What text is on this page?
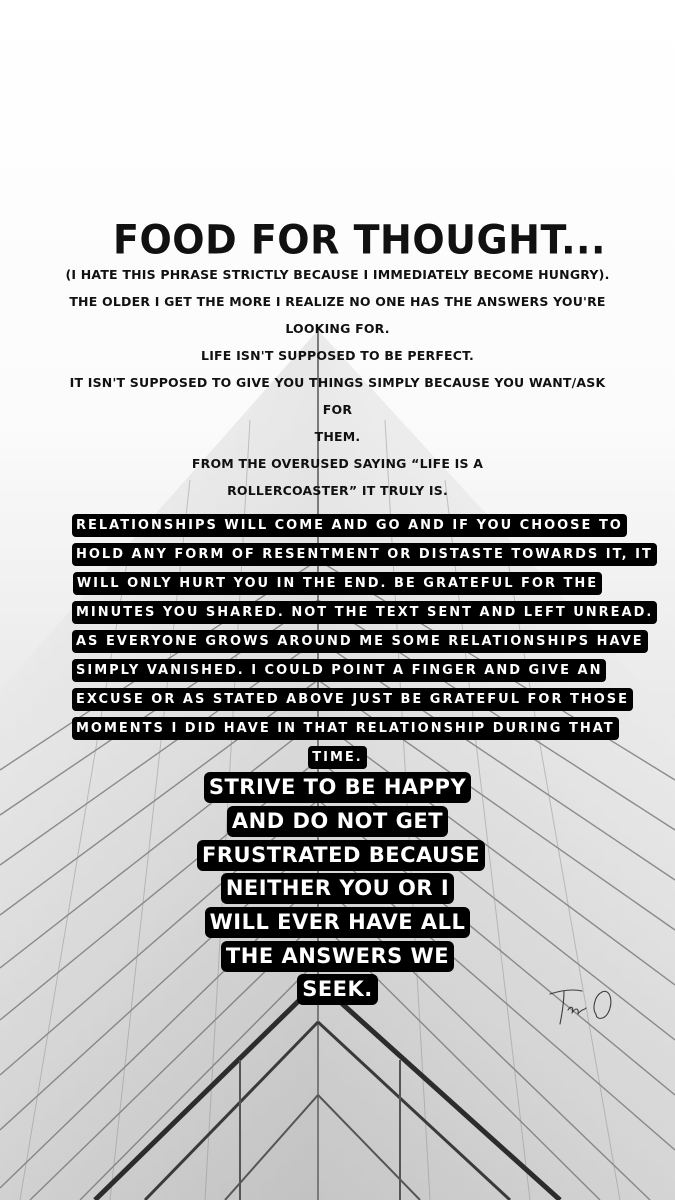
FOOD FOR THOUGHT...

(I HATE THIS PHRASE STRICTLY BECAUSE I IMMEDIATELY BECOME HUNGRY).

THE OLDER I GET THE MORE I REALIZE NO ONE HAS THE ANSWERS YOU'RE

LOOKING FOR.

LIFE ISN'T SUPPOSED TO BE PERFECT.

IT ISN'T SUPPOSED TO GIVE YOU THINGS SIMPLY BECAUSE YOU WANT/ASK FOR

THEM.

FROM THE OVERUSED SAYING “LIFE IS A

ROLLERCOASTER” IT TRULY IS.

RELATIONSHIPS WILL COME AND GO AND IF YOU CHOOSE TO
HOLD ANY FORM OF RESENTMENT OR DISTASTE TOWARDS IT, IT
WILL ONLY HURT YOU IN THE END. BE GRATEFUL FOR THE
MINUTES YOU SHARED. NOT THE TEXT SENT AND LEFT UNREAD.
AS EVERYONE GROWS AROUND ME SOME RELATIONSHIPS HAVE
SIMPLY VANISHED. I COULD POINT A FINGER AND GIVE AN
EXCUSE OR AS STATED ABOVE JUST BE GRATEFUL FOR THOSE
MOMENTS I DID HAVE IN THAT RELATIONSHIP DURING THAT
TIME.
STRIVE TO BE HAPPY
AND DO NOT GET
FRUSTRATED BECAUSE
NEITHER YOU OR I
WILL EVER HAVE ALL
THE ANSWERS WE
SEEK.
